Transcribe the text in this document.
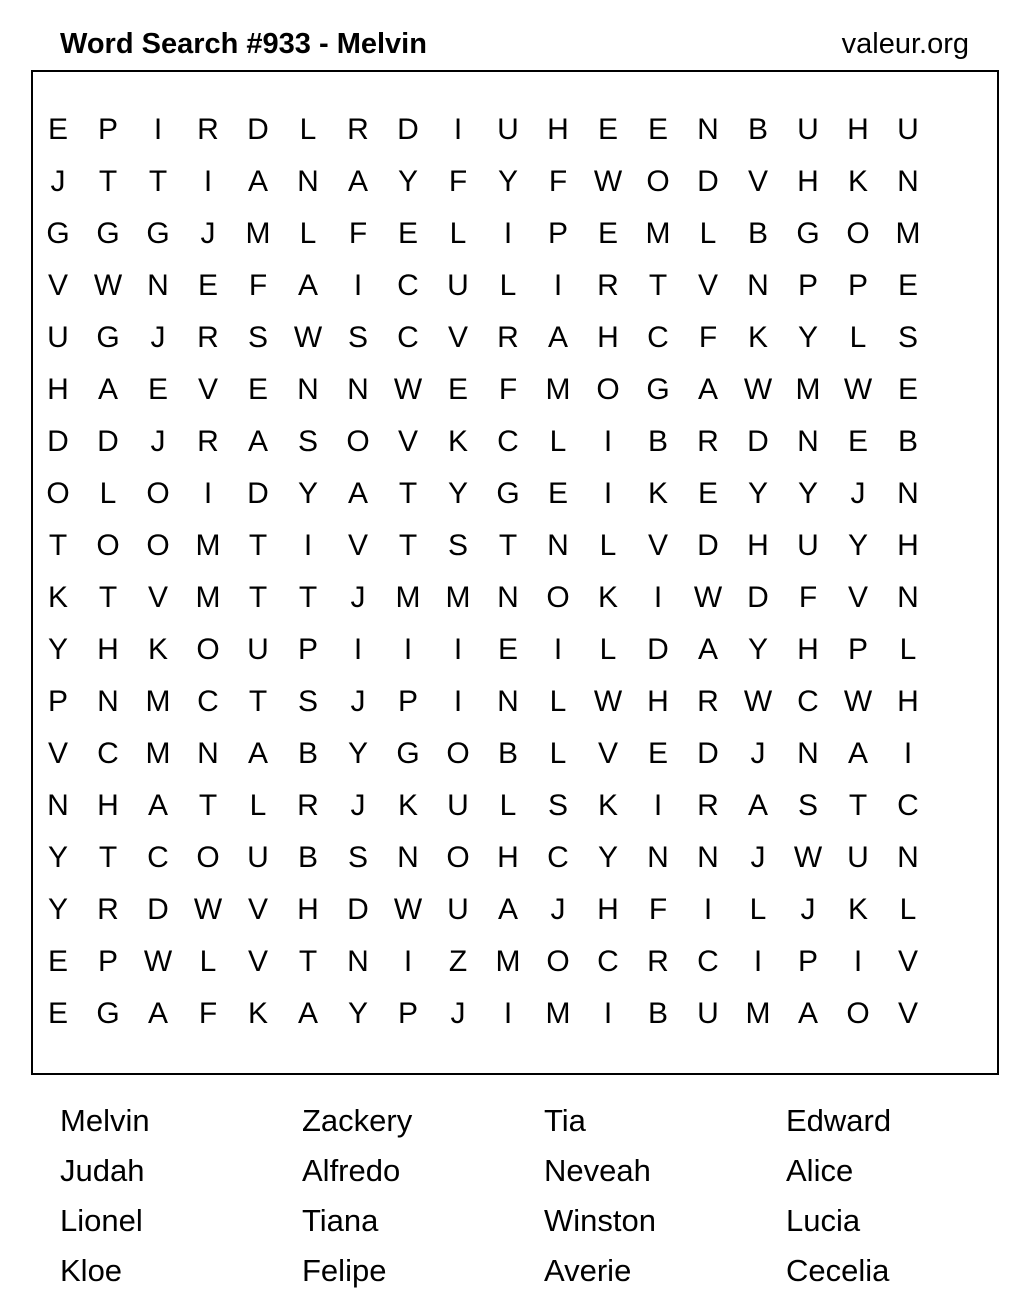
Word Search #933 - Melvin	valeur.org
E P	I	R D	L	R D	I	U H E E N B U H U
J	T	T	I	A N A Y	F	Y	F W O D V H K N
G G G	J	M L	F	E	L	I	P E M L	B G O M
V W N E	F	A	I	C U	L	I	R	T	V N P P E
U G	J	R S W S C V R A H C	F	K Y	L	S
H A E V E N N W E	F M O G A W M W E
D D	J	R A S O V K C	L	I	B R D N E B
O L O	I	D Y A	T	Y G E	I	K E Y Y	J	N
T O O M T	I	V	T	S	T	N	L	V D H U Y H
K	T	V M T	T	J	M M N O K	I	W D	F	V N
Y H K O U P	I	I	I	E	I	L	D A Y H P	L
P N M C	T	S	J	P	I	N	L W H R W C W H
V C M N A B Y G O B	L	V E D	J	N A	I
N H A	T	L	R	J	K U	L	S K	I	R A S	T	C
Y	T	C O U B S N O H C Y N N	J W U N
Y R D W V H D W U A	J	H	F	I	L	J	K	L
E P W L	V	T	N	I	Z M O C R C	I	P	I	V
E G A	F	K A Y P	J	I	M	I	B U M A O V
Melvin	Zackery	Tia	Edward
Judah	Alfredo	Neveah	Alice
Lionel	Tiana	Winston	Lucia
Kloe	Felipe	Averie	Cecelia
